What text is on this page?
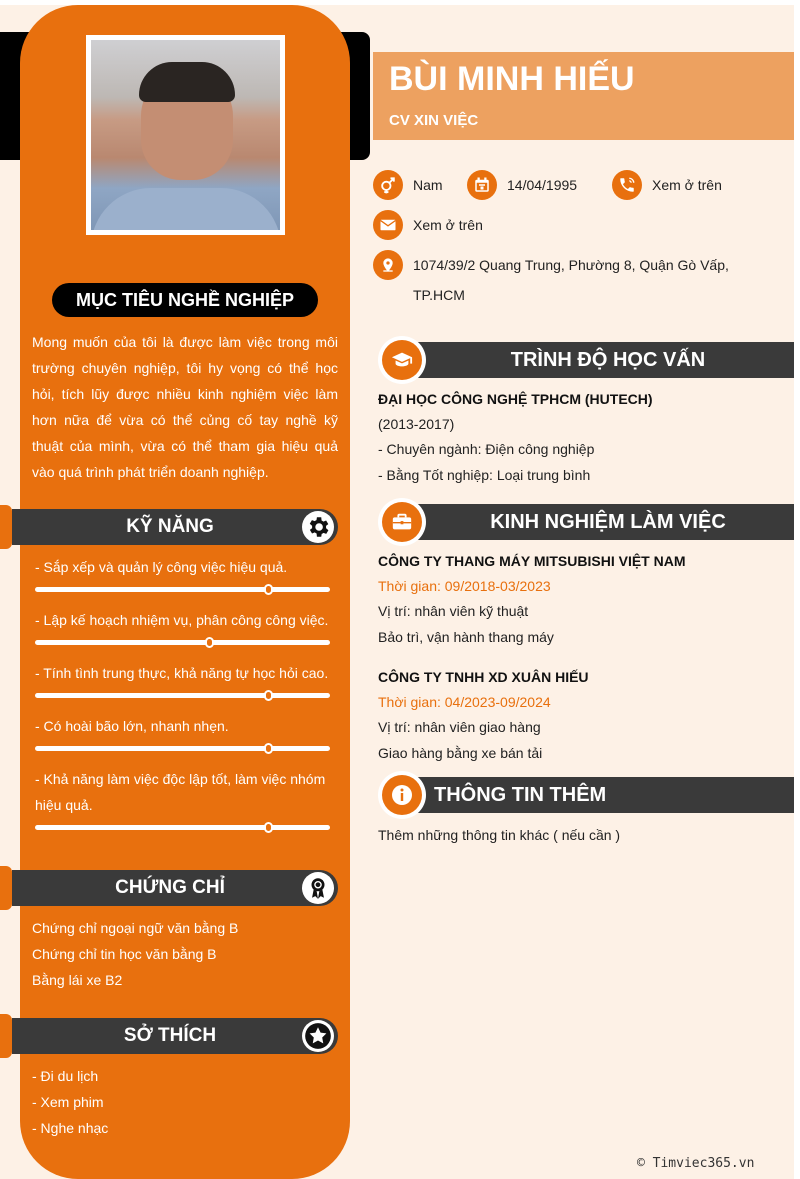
MỤC TIÊU NGHỀ NGHIỆP
Mong muốn của tôi là được làm việc trong môi trường chuyên nghiệp, tôi hy vọng có thể học hỏi, tích lũy được nhiều kinh nghiệm việc làm hơn nữa để vừa có thể củng cố tay nghề kỹ thuật của mình, vừa có thể tham gia hiệu quả vào quá trình phát triển doanh nghiệp.
KỸ NĂNG
- Sắp xếp và quản lý công việc hiệu quả.
- Lập kế hoạch nhiệm vụ, phân công công việc.
- Tính tình trung thực, khả năng tự học hỏi cao.
- Có hoài bão lớn, nhanh nhẹn.
- Khả năng làm việc độc lập tốt, làm việc nhóm hiệu quả.
CHỨNG CHỈ
Chứng chỉ ngoại ngữ văn bằng B
Chứng chỉ tin học văn bằng B
Bằng lái xe B2
SỞ THÍCH
- Đi du lịch
- Xem phim
- Nghe nhạc
BÙI MINH HIẾU
CV XIN VIỆC
Nam	14/04/1995	Xem ở trên
Xem ở trên
1074/39/2 Quang Trung, Phường 8, Quận Gò Vấp,
TP.HCM
TRÌNH ĐỘ HỌC VẤN
ĐẠI HỌC CÔNG NGHỆ TPHCM (HUTECH)
(2013-2017)
- Chuyên ngành: Điện công nghiệp
- Bằng Tốt nghiệp: Loại trung bình
KINH NGHIỆM LÀM VIỆC
CÔNG TY THANG MÁY MITSUBISHI VIỆT NAM
Thời gian: 09/2018-03/2023
Vị trí: nhân viên kỹ thuật
Bảo trì, vận hành thang máy
CÔNG TY TNHH XD XUÂN HIẾU
Thời gian: 04/2023-09/2024
Vị trí: nhân viên giao hàng
Giao hàng bằng xe bán tải
THÔNG TIN THÊM
Thêm những thông tin khác ( nếu cần )
© Timviec365.vn
